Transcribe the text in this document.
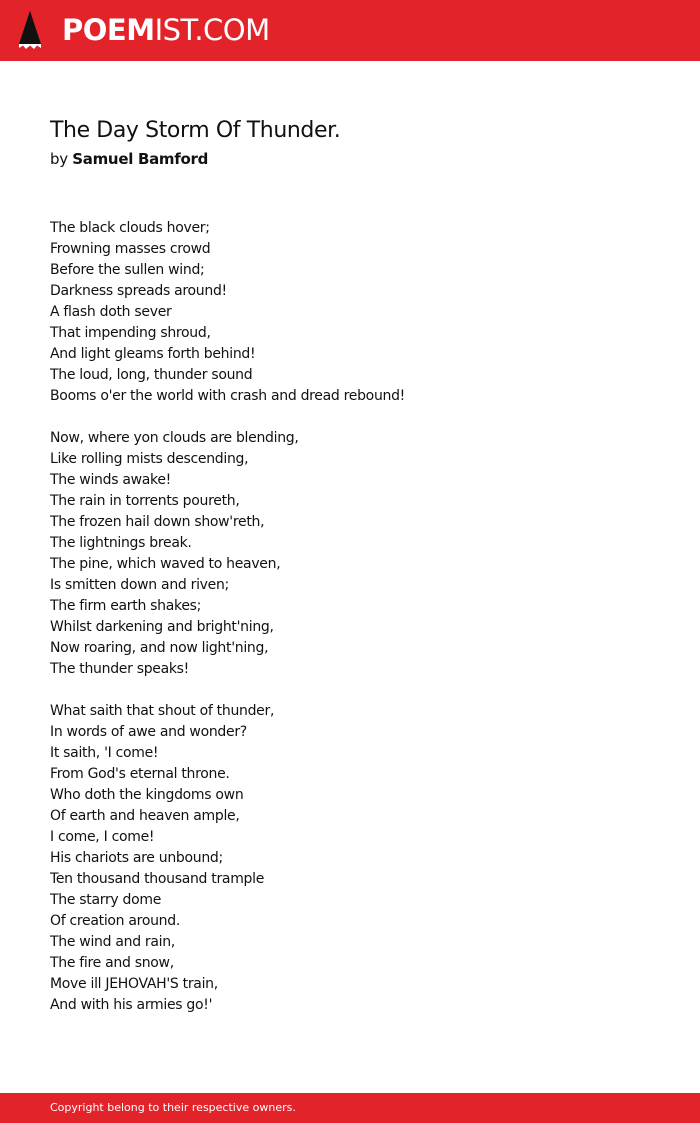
POEMIST.COM
The Day Storm Of Thunder.
by Samuel Bamford
The black clouds hover;
Frowning masses crowd
Before the sullen wind;
Darkness spreads around!
A flash doth sever
That impending shroud,
And light gleams forth behind!
The loud, long, thunder sound
Booms o'er the world with crash and dread rebound!
Now, where yon clouds are blending,
Like rolling mists descending,
The winds awake!
The rain in torrents poureth,
The frozen hail down show'reth,
The lightnings break.
The pine, which waved to heaven,
Is smitten down and riven;
The firm earth shakes;
Whilst darkening and bright'ning,
Now roaring, and now light'ning,
The thunder speaks!
What saith that shout of thunder,
In words of awe and wonder?
It saith, 'I come!
From God's eternal throne.
Who doth the kingdoms own
Of earth and heaven ample,
I come, I come!
His chariots are unbound;
Ten thousand thousand trample
The starry dome
Of creation around.
The wind and rain,
The fire and snow,
Move ill JEHOVAH'S train,
And with his armies go!'
Copyright belong to their respective owners.
